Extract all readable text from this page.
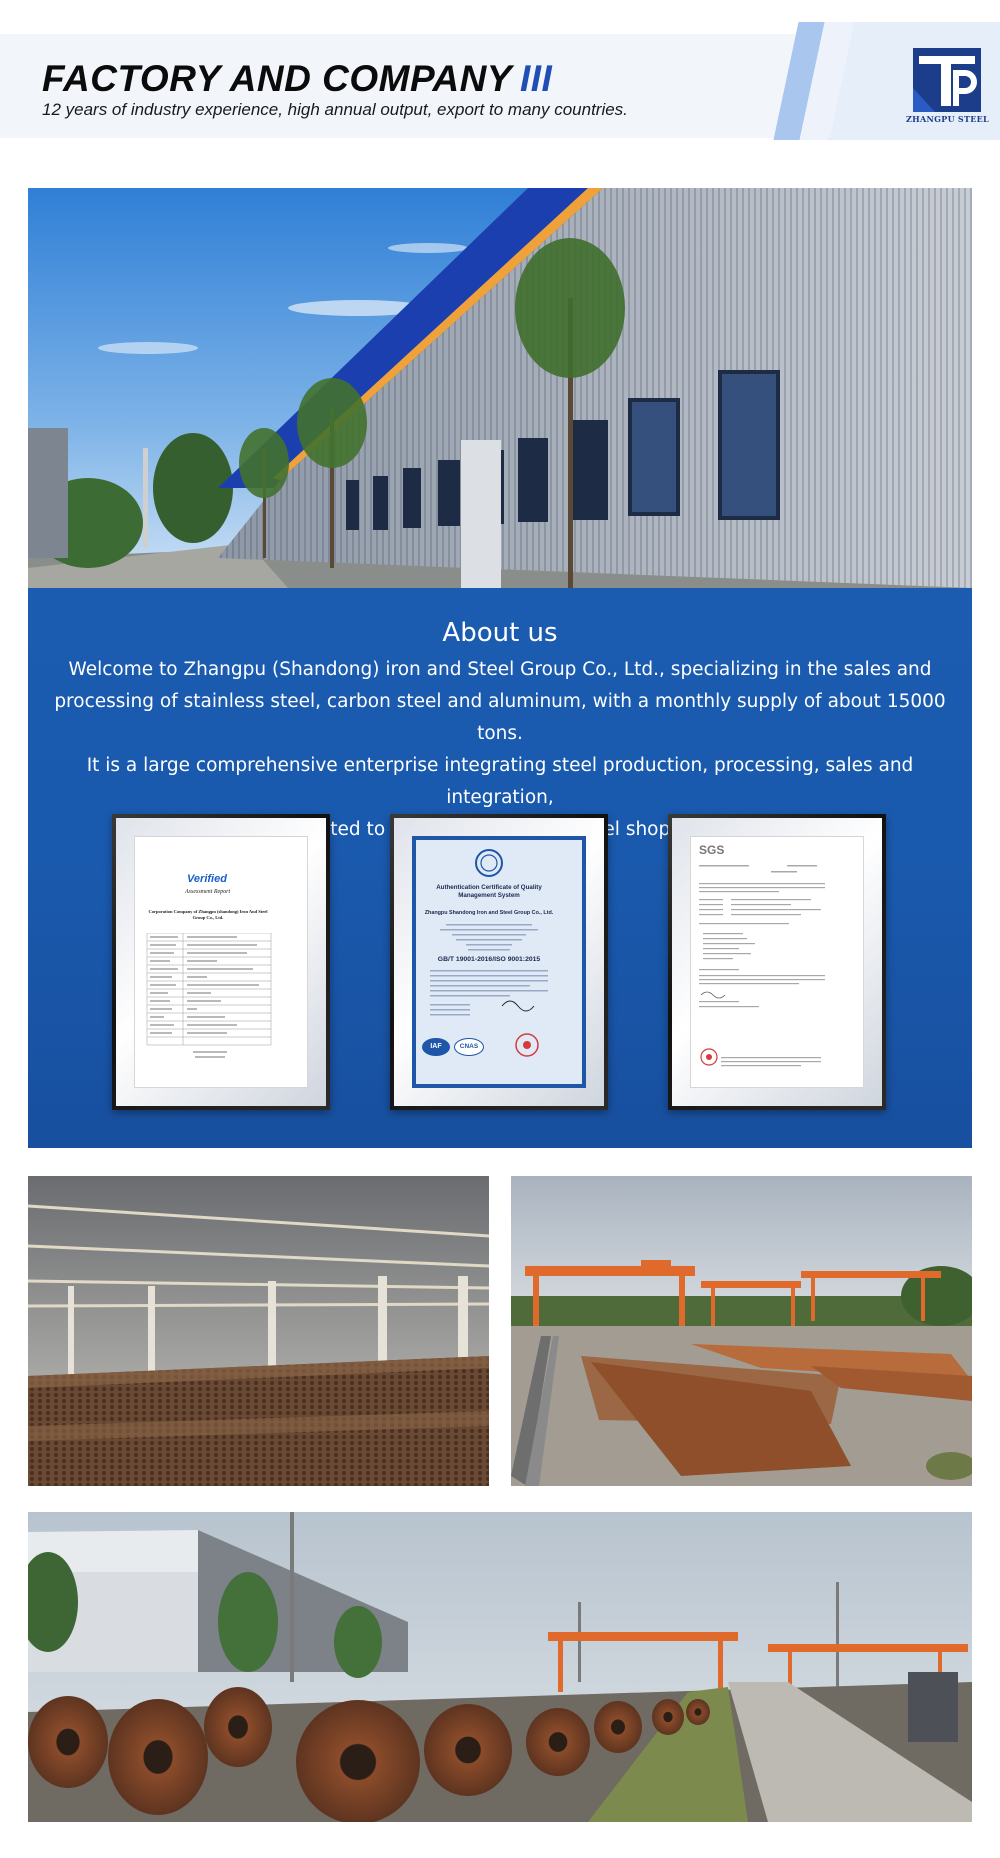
FACTORY AND COMPANY III
12 years of industry experience, high annual output, export to many countries.	ZHANGPU STEEL
About us
Welcome to Zhangpu (Shandong) iron and Steel Group Co., Ltd., specializing in the sales and
processing of stainless steel, carbon steel and aluminum, with a monthly supply of about 15000 tons.
It is a large comprehensive enterprise integrating steel production, processing, sales and integration,
to
Verified
Assessment Report
Corporation Company of Zhangpu (shandong) Iron And Steel Group Co., Ltd.
Authentication Certificate of Quality Management System
Zhangpu Shandong Iron and Steel Group Co., Ltd.
GB/T 19001-2016/ISO 9001:2015
IAF	CNAS
SGS
